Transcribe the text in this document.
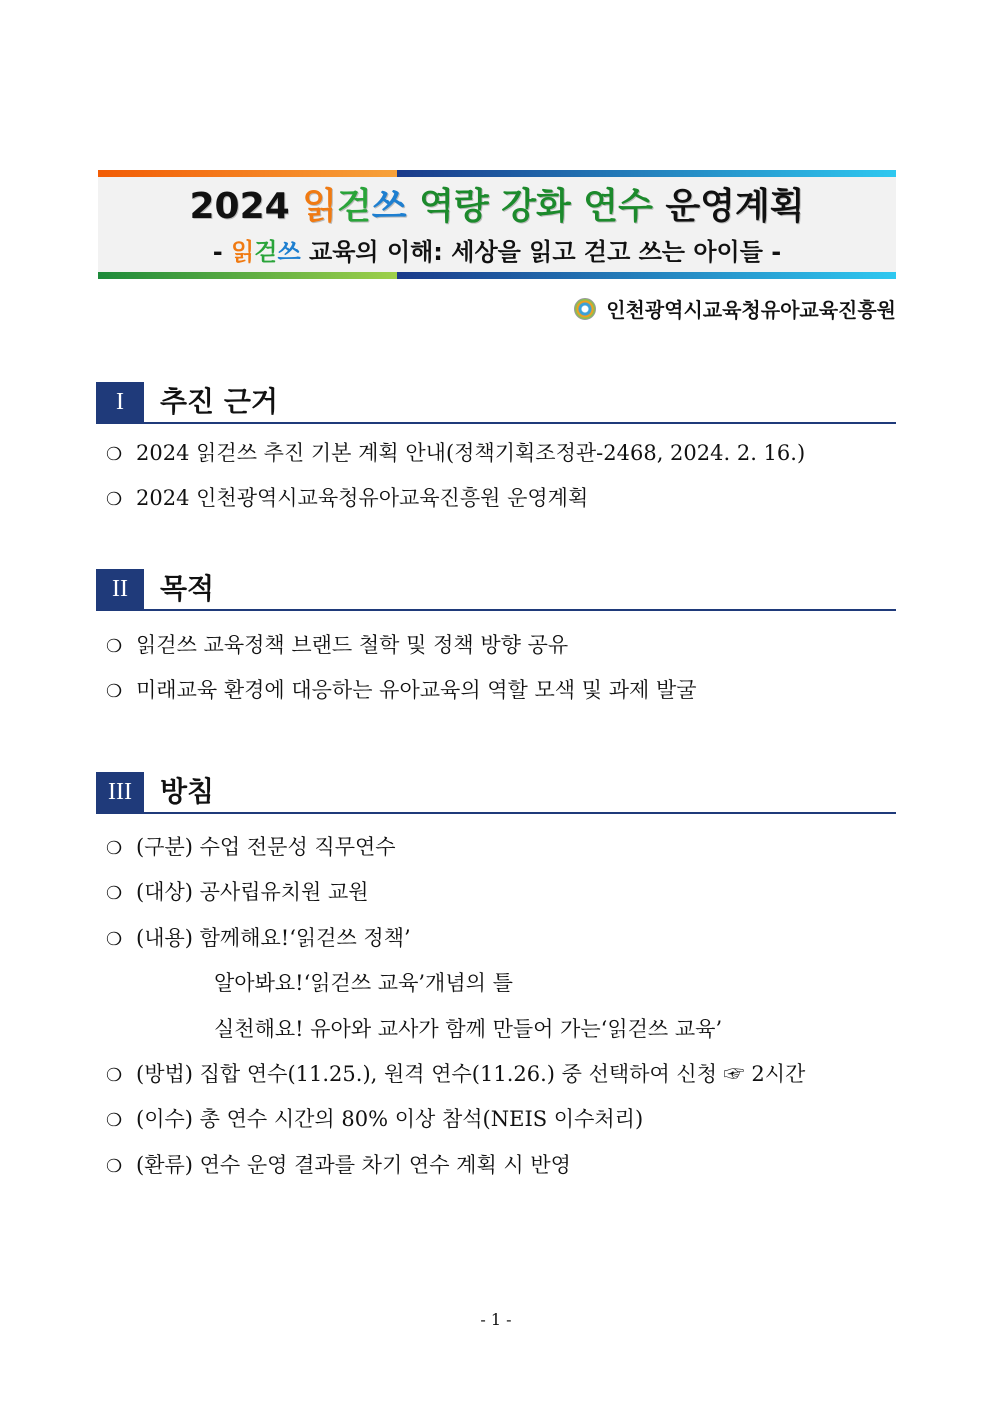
2024 읽걷쓰 역량 강화 연수 운영계획
- 읽걷쓰 교육의 이해: 세상을 읽고 걷고 쓰는 아이들 -
인천광역시교육청유아교육진흥원
I	추진 근거
❍ 2024 읽걷쓰 추진 기본 계획 안내(정책기획조정관-2468, 2024. 2. 16.)
❍ 2024 인천광역시교육청유아교육진흥원 운영계획
II	목적
❍ 읽걷쓰 교육정책 브랜드 철학 및 정책 방향 공유
❍ 미래교육 환경에 대응하는 유아교육의 역할 모색 및 과제 발굴
III	방침
❍ (구분) 수업 전문성 직무연수
❍ (대상) 공사립유치원 교원
❍ (내용) 함께해요!‘읽걷쓰 정책’
알아봐요!‘읽걷쓰 교육’개념의 틀
실천해요! 유아와 교사가 함께 만들어 가는‘읽걷쓰 교육’
❍ (방법) 집합 연수(11.25.), 원격 연수(11.26.) 중 선택하여 신청 ☞ 2시간
❍ (이수) 총 연수 시간의 80% 이상 참석(NEIS 이수처리)
❍ (환류) 연수 운영 결과를 차기 연수 계획 시 반영
- 1 -
